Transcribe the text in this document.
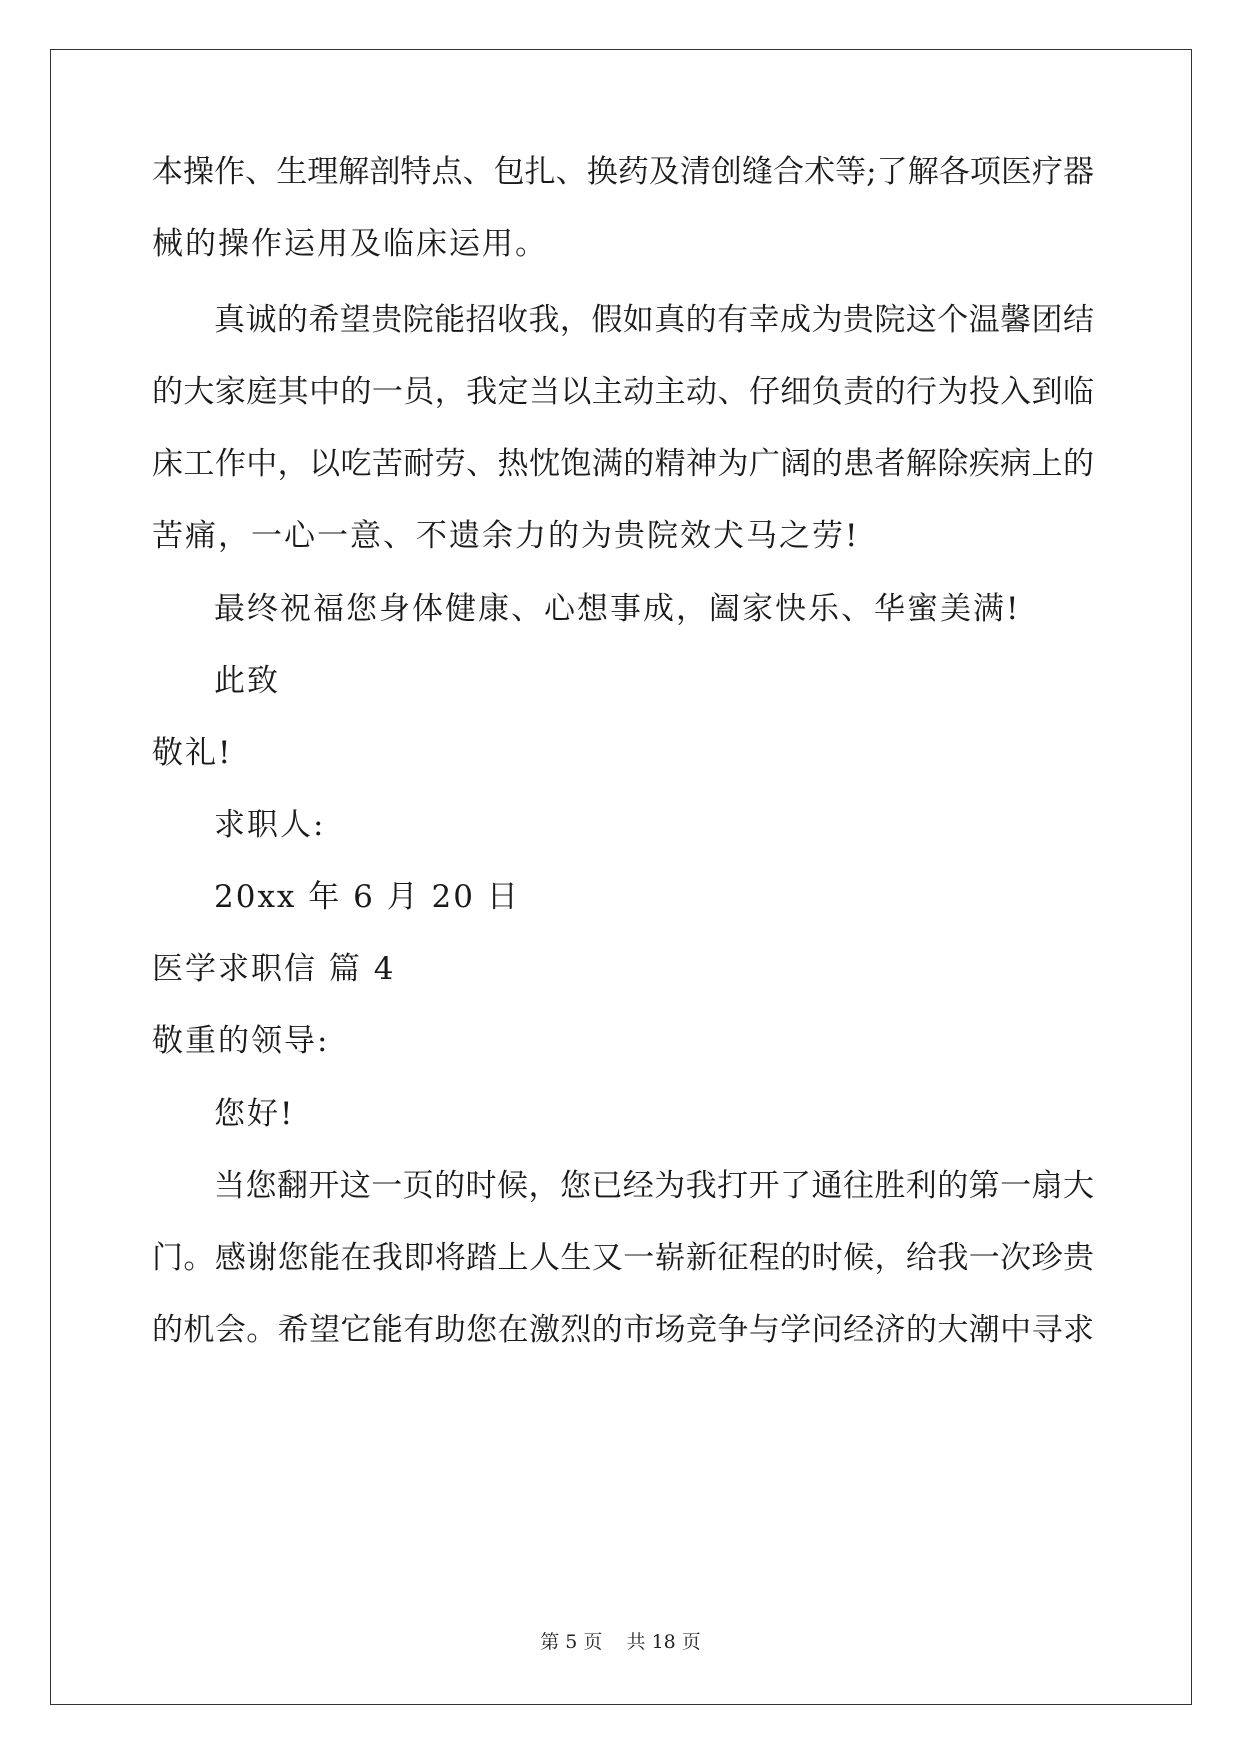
本操作、生理解剖特点、包扎、换药及清创缝合术等;了解各项医疗器
械的操作运用及临床运用。
真诚的希望贵院能招收我，假如真的有幸成为贵院这个温馨团结
的大家庭其中的一员，我定当以主动主动、仔细负责的行为投入到临
床工作中，以吃苦耐劳、热忱饱满的精神为广阔的患者解除疾病上的
苦痛，一心一意、不遗余力的为贵院效犬马之劳!
最终祝福您身体健康、心想事成，阖家快乐、华蜜美满!
此致
敬礼!
求职人:
20xx 年 6 月 20 日
医学求职信 篇 4
敬重的领导:
您好!
当您翻开这一页的时候，您已经为我打开了通往胜利的第一扇大
门。感谢您能在我即将踏上人生又一崭新征程的时候，给我一次珍贵
的机会。希望它能有助您在激烈的市场竞争与学问经济的大潮中寻求
第 5 页    共 18 页
